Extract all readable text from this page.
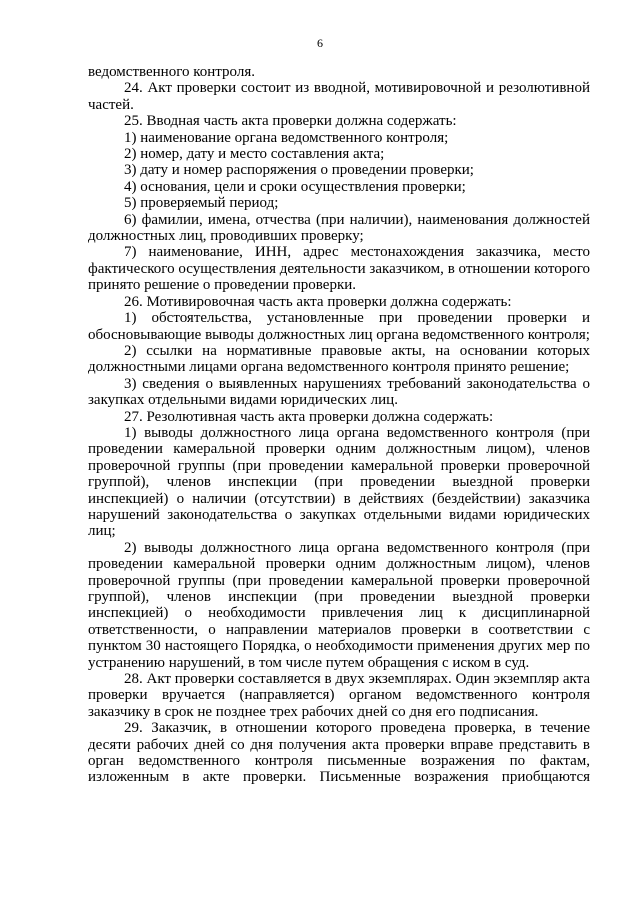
6

ведомственного контроля.

24. Акт проверки состоит из вводной, мотивировочной и резолютивной частей.

25. Вводная часть акта проверки должна содержать:

1) наименование органа ведомственного контроля;

2) номер, дату и место составления акта;

3) дату и номер распоряжения о проведении проверки;

4) основания, цели и сроки осуществления проверки;

5) проверяемый период;

6) фамилии, имена, отчества (при наличии), наименования должностей должностных лиц, проводивших проверку;

7) наименование, ИНН, адрес местонахождения заказчика, место фактического осуществления деятельности заказчиком, в отношении которого принято решение о проведении проверки.

26. Мотивировочная часть акта проверки должна содержать:

1) обстоятельства, установленные при проведении проверки и обосновывающие выводы должностных лиц органа ведомственного контроля;

2) ссылки на нормативные правовые акты, на основании которых должностными лицами органа ведомственного контроля принято решение;

3) сведения о выявленных нарушениях требований законодательства о закупках отдельными видами юридических лиц.

27. Резолютивная часть акта проверки должна содержать:

1) выводы должностного лица органа ведомственного контроля (при проведении камеральной проверки одним должностным лицом), членов проверочной группы (при проведении камеральной проверки проверочной группой), членов инспекции (при проведении выездной проверки инспекцией) о наличии (отсутствии) в действиях (бездействии) заказчика нарушений законодательства о закупках отдельными видами юридических лиц;

2) выводы должностного лица органа ведомственного контроля (при проведении камеральной проверки одним должностным лицом), членов проверочной группы (при проведении камеральной проверки проверочной группой), членов инспекции (при проведении выездной проверки инспекцией) о необходимости привлечения лиц к дисциплинарной ответственности, о направлении материалов проверки в соответствии с пунктом 30 настоящего Порядка, о необходимости применения других мер по устранению нарушений, в том числе путем обращения с иском в суд.

28. Акт проверки составляется в двух экземплярах. Один экземпляр акта проверки вручается (направляется) органом ведомственного контроля заказчику в срок не позднее трех рабочих дней со дня его подписания.

29. Заказчик, в отношении которого проведена проверка, в течение десяти рабочих дней со дня получения акта проверки вправе представить в орган ведомственного контроля письменные возражения по фактам, изложенным в акте проверки. Письменные возражения приобщаются
